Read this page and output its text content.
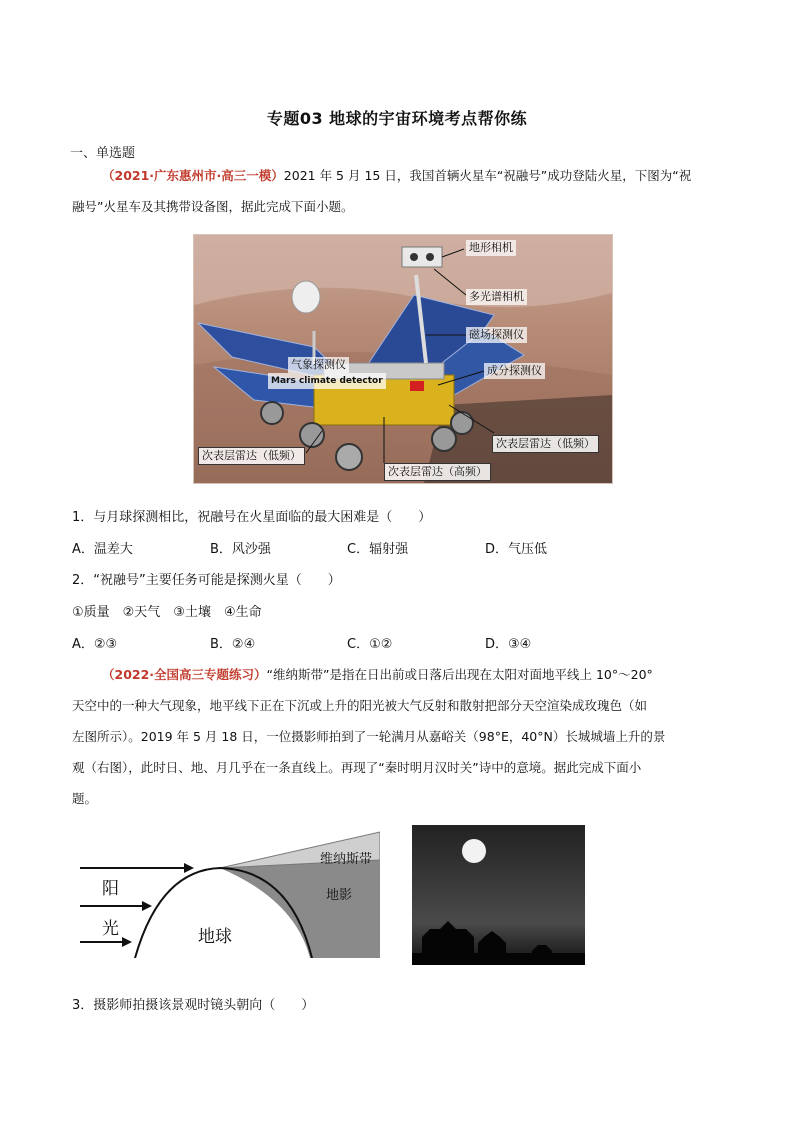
专题03 地球的宇宙环境考点帮你练
一、单选题
（2021·广东惠州市·高三一模）2021 年 5 月 15 日，我国首辆火星车“祝融号”成功登陆火星，下图为“祝
融号”火星车及其携带设备图，据此完成下面小题。
地形相机
多光谱相机
磁场探测仪
气象探测仪
Mars climate detector
成分探测仪
次表层雷达（低频）
次表层雷达（低频）
次表层雷达（高频）
1．与月球探测相比，祝融号在火星面临的最大困难是（　　）
A．温差大	B．风沙强	C．辐射强	D．气压低
2．“祝融号”主要任务可能是探测火星（　　）
①质量　②天气　③土壤　④生命
A．②③	B．②④	C．①②	D．③④
（2022·全国高三专题练习）“维纳斯带”是指在日出前或日落后出现在太阳对面地平线上 10°～20°
天空中的一种大气现象，地平线下正在下沉或上升的阳光被大气反射和散射把部分天空渲染成玫瑰色（如
左图所示）。2019 年 5 月 18 日，一位摄影师拍到了一轮满月从嘉峪关（98°E，40°N）长城城墙上升的景
观（右图），此时日、地、月几乎在一条直线上。再现了“秦时明月汉时关”诗中的意境。据此完成下面小
题。
阳
光	地球
维纳斯带
地影
3．摄影师拍摄该景观时镜头朝向（　　）
